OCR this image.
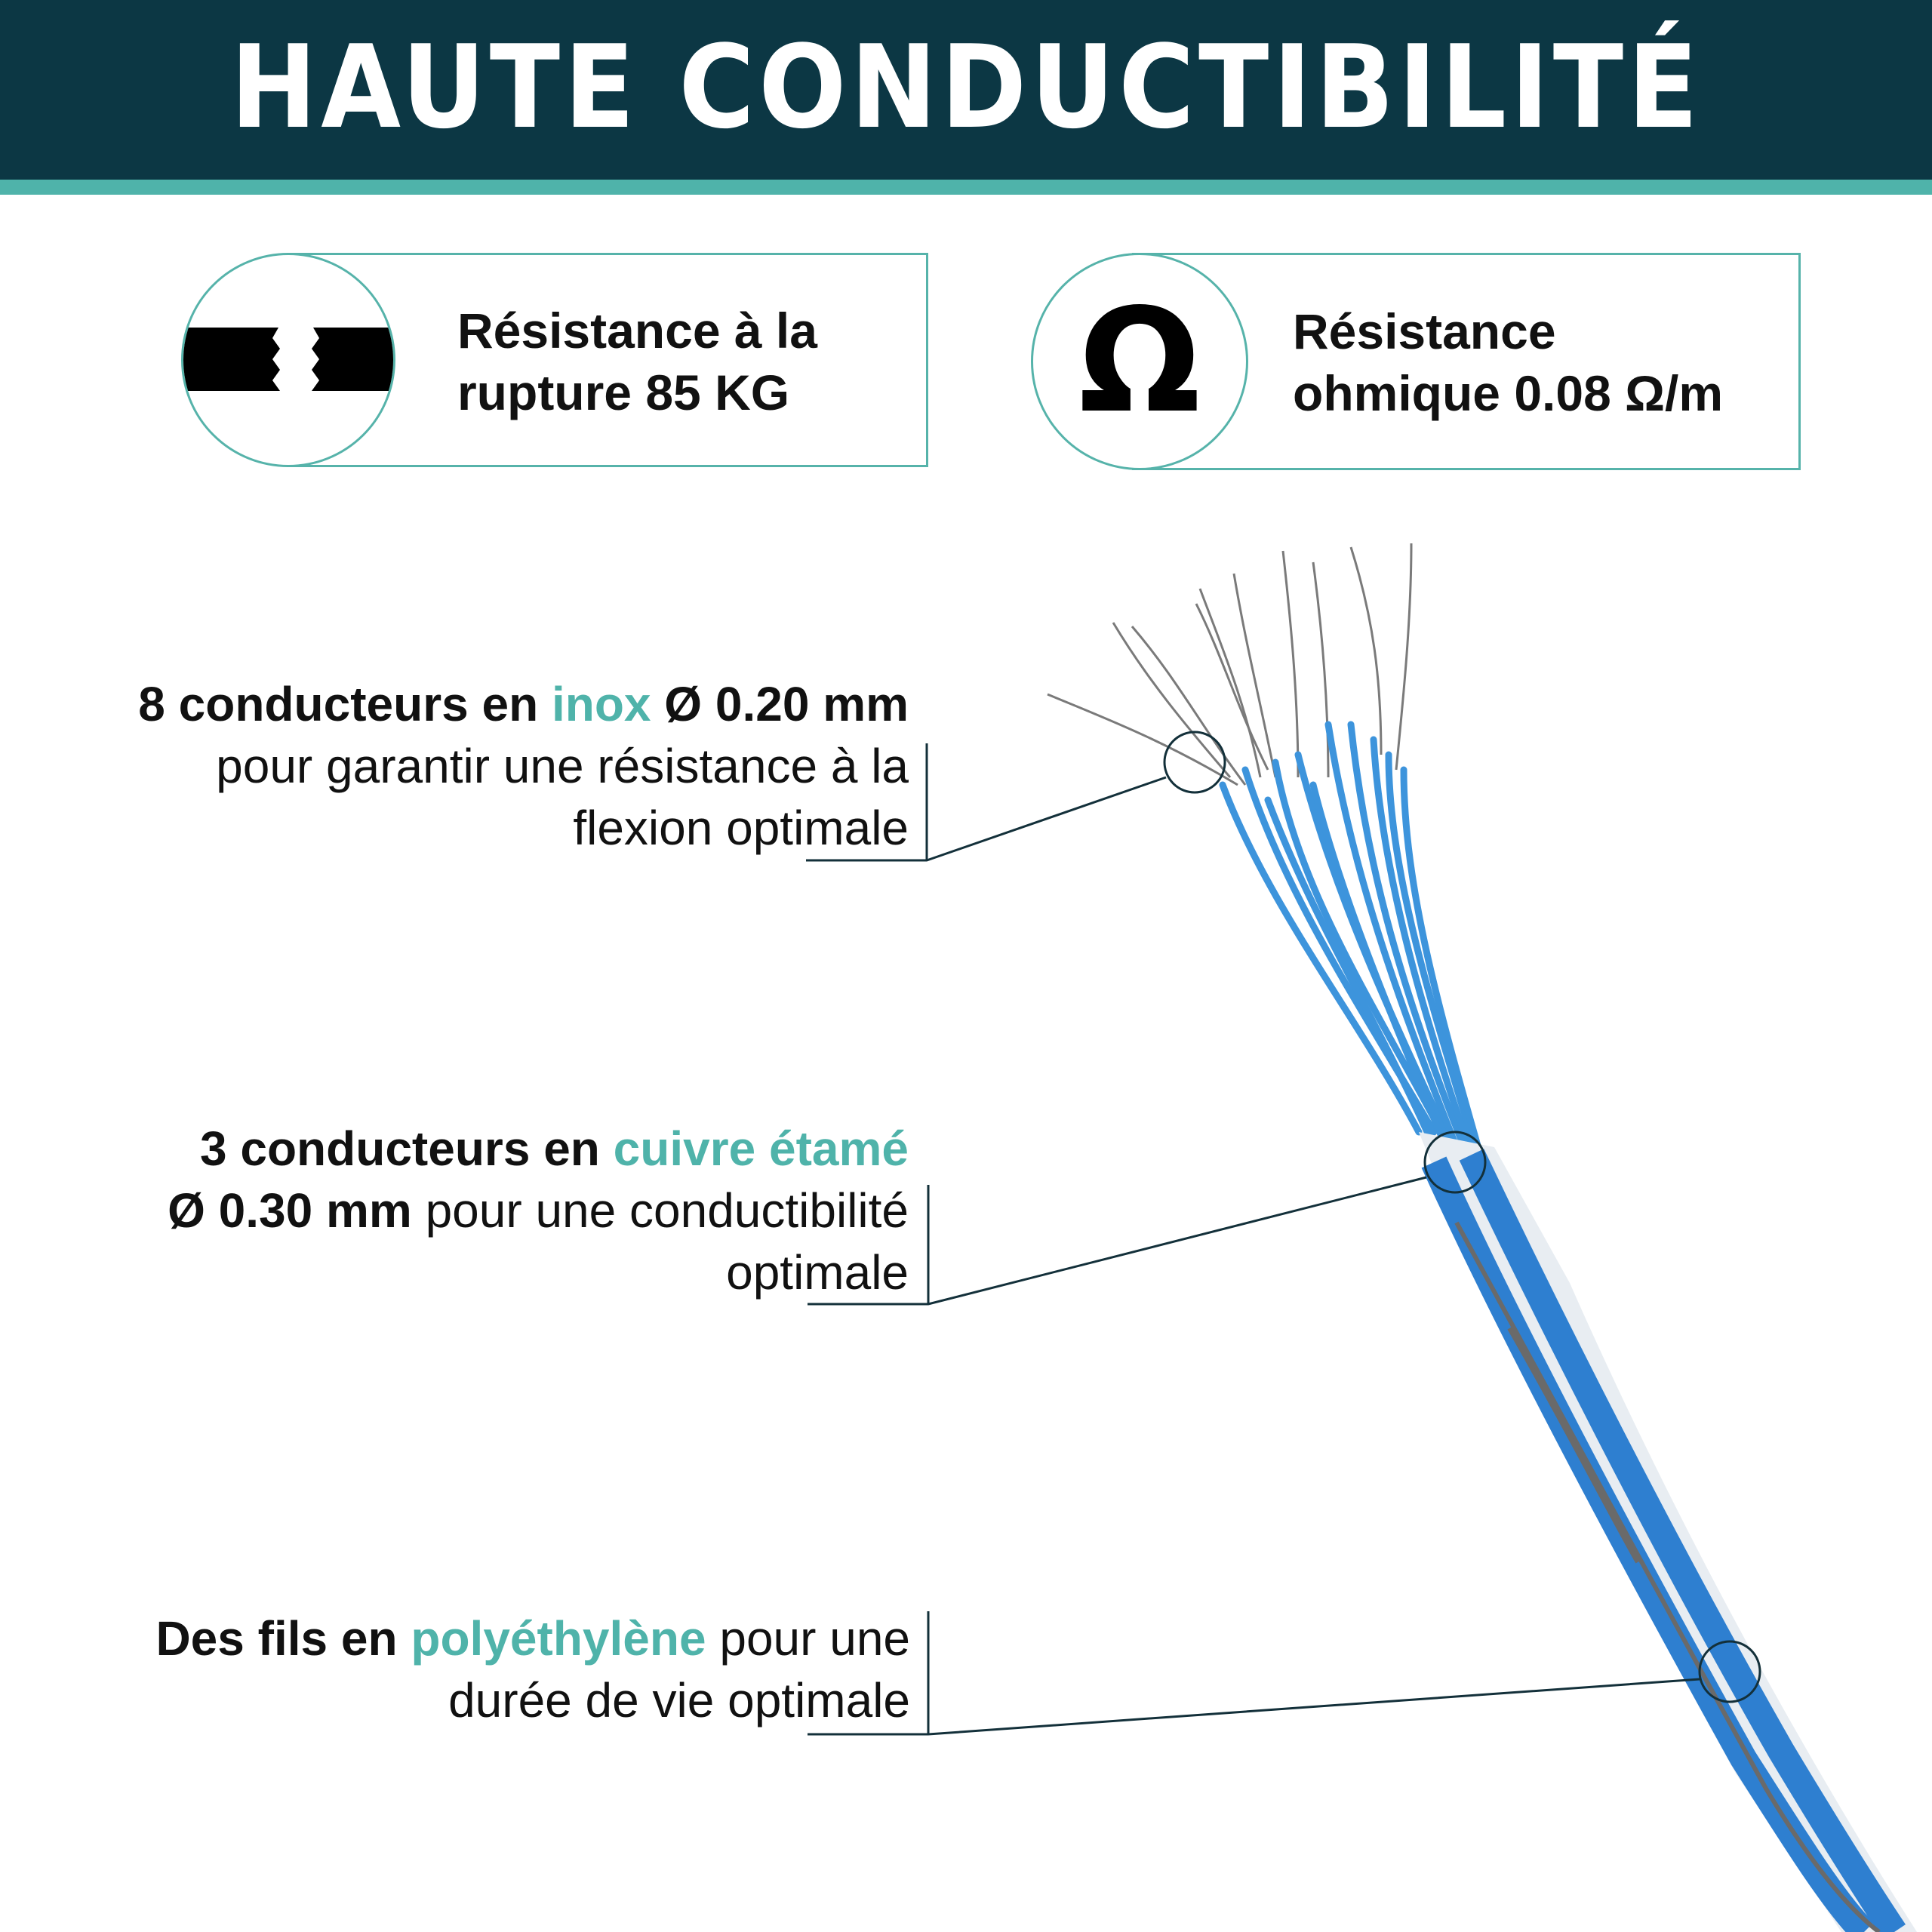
HAUTE CONDUCTIBILITÉ
Résistance à la
rupture 85 KG
Résistance
ohmique 0.08 Ω/m
Ω
8 conducteurs en inox Ø 0.20 mm
pour garantir une résistance à la
flexion optimale
3 conducteurs en cuivre étamé
Ø 0.30 mm pour une conductibilité
optimale
Des fils en polyéthylène pour une
durée de vie optimale
